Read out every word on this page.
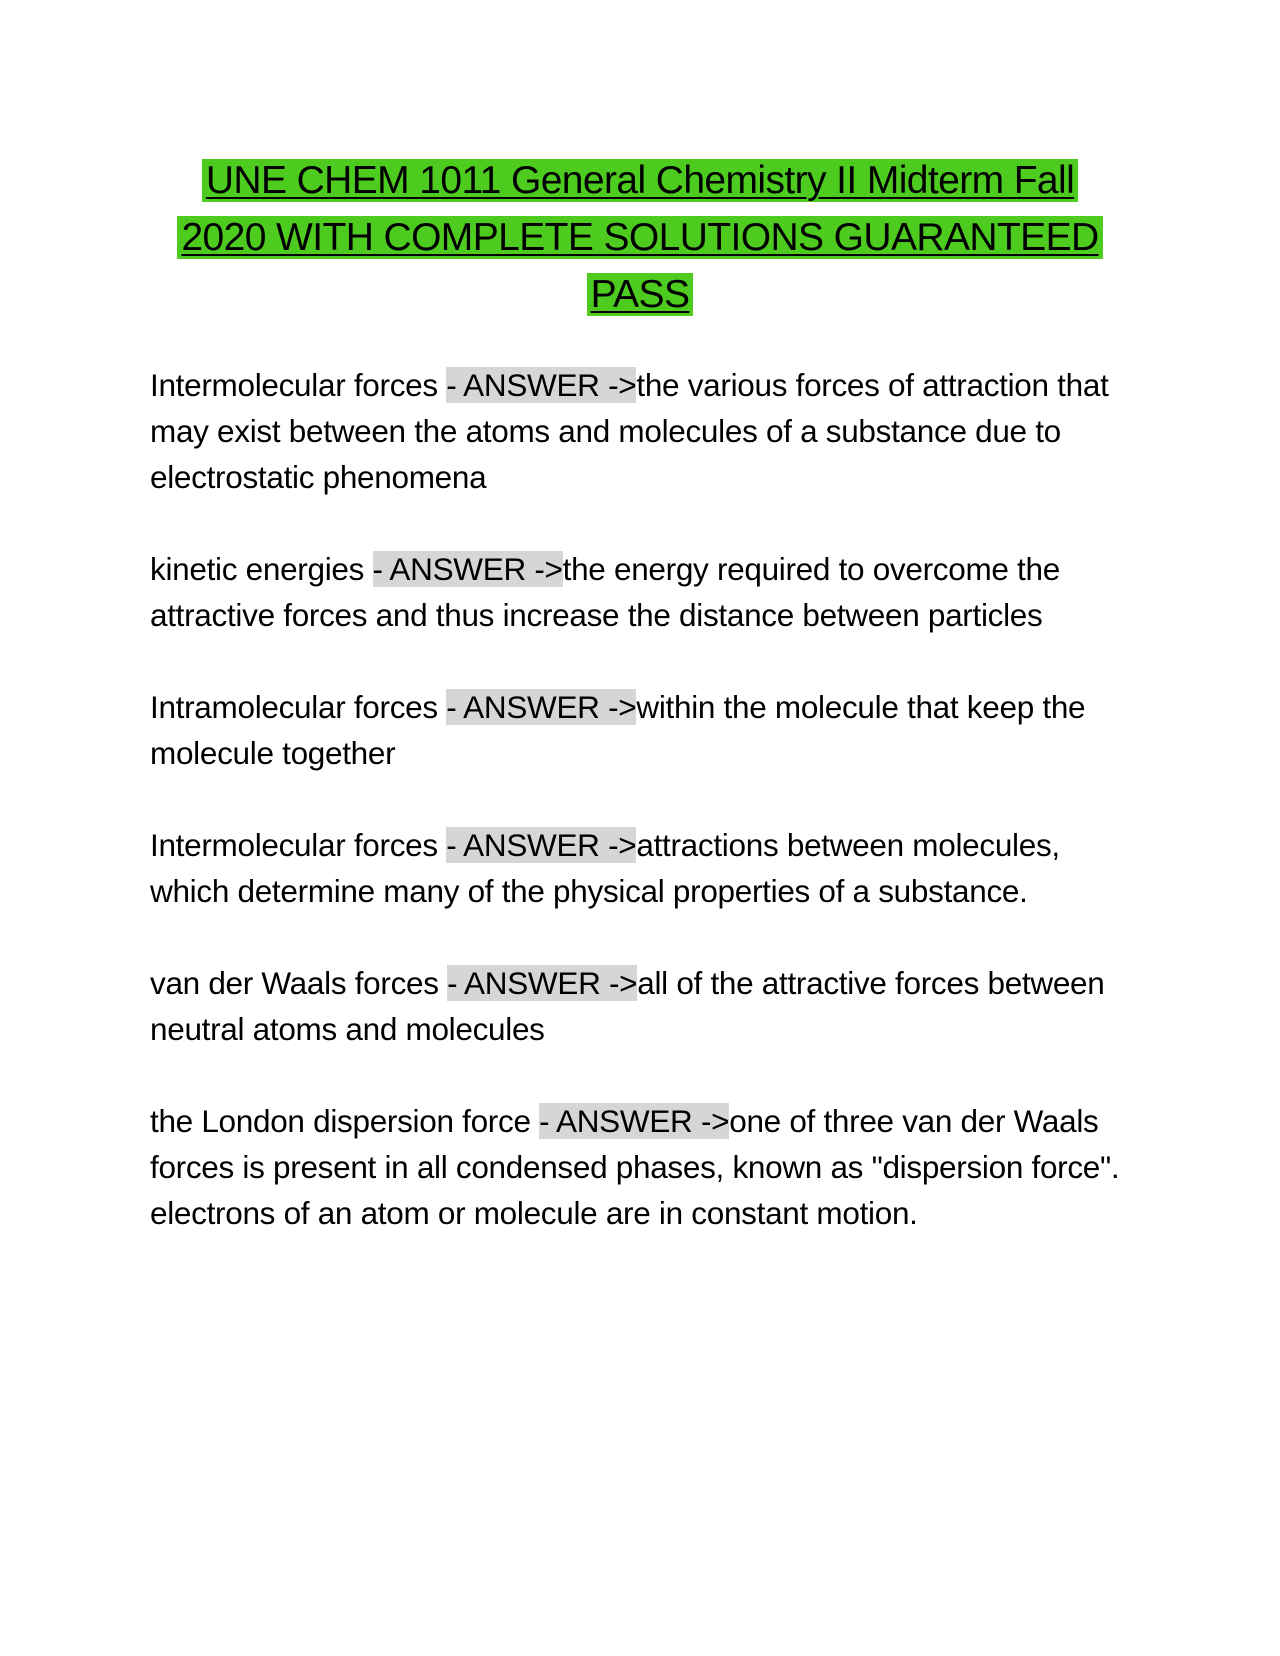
UNE CHEM 1011 General Chemistry II Midterm Fall
2020 WITH COMPLETE SOLUTIONS GUARANTEED
PASS

Intermolecular forces - ANSWER ->the various forces of attraction that may exist between the atoms and molecules of a substance due to electrostatic phenomena

kinetic energies - ANSWER ->the energy required to overcome the attractive forces and thus increase the distance between particles

Intramolecular forces - ANSWER ->within the molecule that keep the molecule together

Intermolecular forces - ANSWER ->attractions between molecules, which determine many of the physical properties of a substance.

van der Waals forces - ANSWER ->all of the attractive forces between neutral atoms and molecules

the London dispersion force - ANSWER ->one of three van der Waals forces is present in all condensed phases, known as "dispersion force". electrons of an atom or molecule are in constant motion.
